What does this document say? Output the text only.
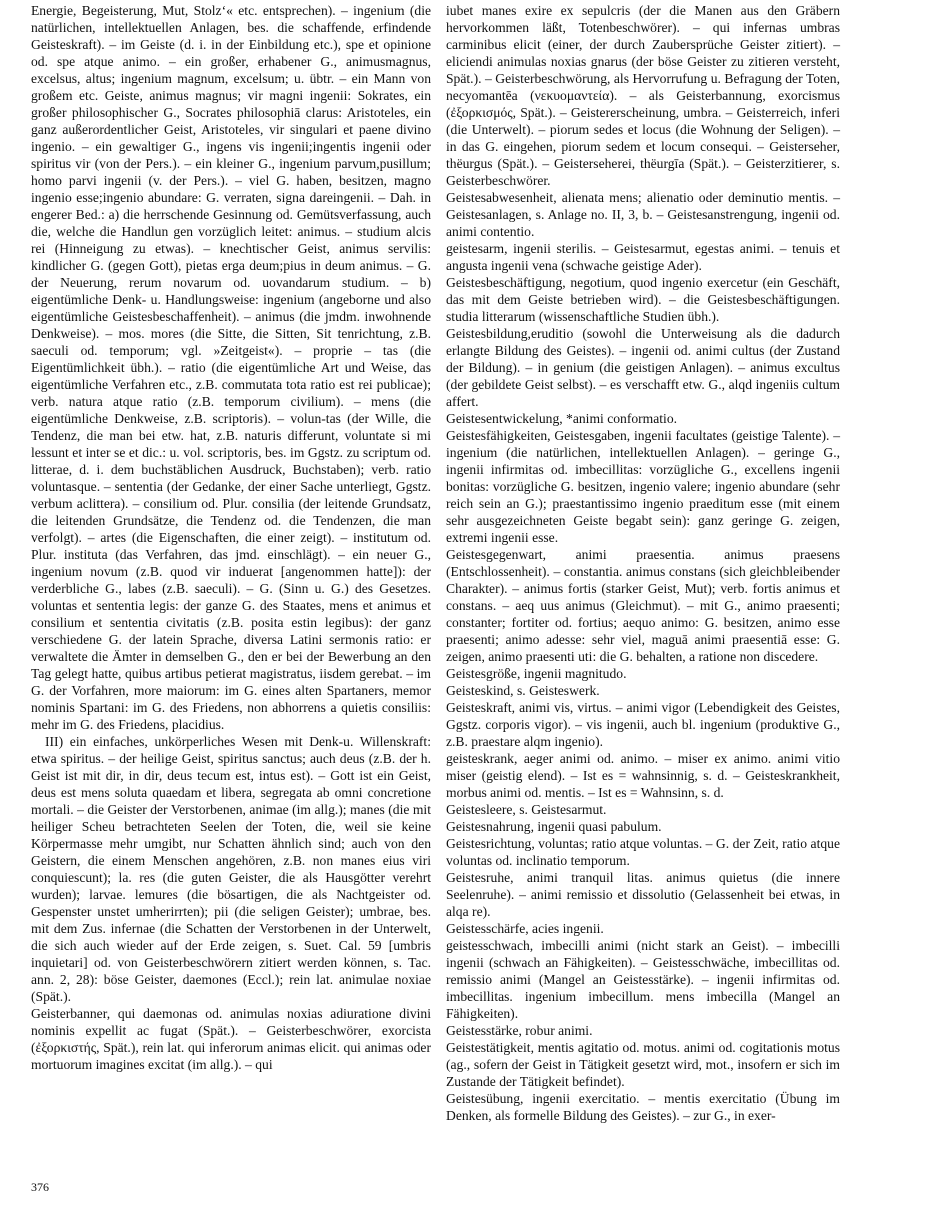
Energie, Begeisterung, Mut, Stolz‘« etc. entsprechen). – ingenium (die natürlichen, intellektuellen Anlagen, bes. die schaffende, erfindende Geisteskraft). – im Geiste (d. i. in der Einbildung etc.), spe et opinione od. spe atque animo. – ein großer, erhabener G., animusmagnus, excelsus, altus; ingenium magnum, excelsum; u. übtr. – ein Mann von großem etc. Geiste, animus magnus; vir magni ingenii: Sokrates, ein großer philosophischer G., Socrates philosophiā clarus: Aristoteles, ein ganz außerordentlicher Geist, Aristoteles, vir singulari et paene divino ingenio. – ein gewaltiger G., ingens vis ingenii;ingentis ingenii oder spiritus vir (von der Pers.). – ein kleiner G., ingenium parvum,pusillum; homo parvi ingenii (v. der Pers.). – viel G. haben, besitzen, magno ingenio esse;ingenio abundare: G. verraten, signa dareingenii. – Dah. in engerer Bed.: a) die herrschende Gesinnung od. Gemütsverfassung, auch die, welche die Handlun gen vorzüglich leitet: animus. – studium alcis rei (Hinneigung zu etwas). – knechtischer Geist, animus servilis: kindlicher G. (gegen Gott), pietas erga deum;pius in deum animus. – G. der Neuerung, rerum novarum od. uovandarum studium. – b) eigentümliche Denk- u. Handlungsweise: ingenium (angeborne und also eigentümliche Geistesbeschaffenheit). – animus (die jmdm. inwohnende Denkweise). – mos. mores (die Sitte, die Sitten, Sit tenrichtung, z.B. saeculi od. temporum; vgl. »Zeitgeist«). – proprie – tas (die Eigentümlichkeit übh.). – ratio (die eigentümliche Art und Weise, das eigentümliche Verfahren etc., z.B. commutata tota ratio est rei publicae); verb. natura atque ratio (z.B. temporum civilium). – mens (die eigentümliche Denkweise, z.B. scriptoris). – volun-tas (der Wille, die Tendenz, die man bei etw. hat, z.B. naturis differunt, voluntate si mi lessunt et inter se et dic.: u. vol. scriptoris, bes. im Ggstz. zu scriptum od. litterae, d. i. dem buchstäblichen Ausdruck, Buchstaben); verb. ratio voluntasque. – sententia (der Gedanke, der einer Sache unterliegt, Ggstz. verbum aclittera). – consilium od. Plur. consilia (der leitende Grundsatz, die leitenden Grundsätze, die Tendenz od. die Tendenzen, die man verfolgt). – artes (die Eigenschaften, die einer zeigt). – institutum od. Plur. instituta (das Verfahren, das jmd. einschlägt). – ein neuer G., ingenium novum (z.B. quod vir induerat [angenommen hatte]): der verderbliche G., labes (z.B. saeculi). – G. (Sinn u. G.) des Gesetzes. voluntas et sententia legis: der ganze G. des Staates, mens et animus et consilium et sententia civitatis (z.B. posita estin legibus): der ganz verschiedene G. der latein Sprache, diversa Latini sermonis ratio: er verwaltete die Ämter in demselben G., den er bei der Bewerbung an den Tag gelegt hatte, quibus artibus petierat magistratus, iisdem gerebat. – im G. der Vorfahren, more maiorum: im G. eines alten Spartaners, memor nominis Spartani: im G. des Friedens, non abhorrens a quietis consiliis: mehr im G. des Friedens, placidius.

III) ein einfaches, unkörperliches Wesen mit Denk-u. Willenskraft: etwa spiritus. – der heilige Geist, spiritus sanctus; auch deus (z.B. der h. Geist ist mit dir, in dir, deus tecum est, intus est). – Gott ist ein Geist, deus est mens soluta quaedam et libera, segregata ab omni concretione mortali. – die Geister der Verstorbenen, animae (im allg.); manes (die mit heiliger Scheu betrachteten Seelen der Toten, die, weil sie keine Körpermasse mehr umgibt, nur Schatten ähnlich sind; auch von den Geistern, die einem Menschen angehören, z.B. non manes eius viri conquiescunt); la. res (die guten Geister, die als Hausgötter verehrt wurden); larvae. lemures (die bösartigen, die als Nachtgeister od. Gespenster unstet umherirrten); pii (die seligen Geister); umbrae, bes. mit dem Zus. infernae (die Schatten der Verstorbenen in der Unterwelt, die sich auch wieder auf der Erde zeigen, s. Suet. Cal. 59 [umbris inquietari] od. von Geisterbeschwörern zitiert werden können, s. Tac. ann. 2, 28): böse Geister, daemones (Eccl.); rein lat. animulae noxiae (Spät.).

Geisterbanner, qui daemonas od. animulas noxias adiuratione divini nominis expellit ac fugat (Spät.). – Geisterbeschwörer, exorcista (ἐξορκιστής, Spät.), rein lat. qui inferorum animas elicit. qui animas oder mortuorum imagines excitat (im allg.). – qui

iubet manes exire ex sepulcris (der die Manen aus den Gräbern hervorkommen läßt, Totenbeschwörer). – qui infernas umbras carminibus elicit (einer, der durch Zaubersprüche Geister zitiert). – eliciendi animulas noxias gnarus (der böse Geister zu zitieren versteht, Spät.). – Geisterbeschwörung, als Hervorrufung u. Befragung der Toten, necyomantēa (νεκυομαντεία). – als Geisterbannung, exorcismus (ἐξορκισμός, Spät.). – Geistererscheinung, umbra. – Geisterreich, inferi (die Unterwelt). – piorum sedes et locus (die Wohnung der Seligen). – in das G. eingehen, piorum sedem et locum consequi. – Geisterseher, thëurgus (Spät.). – Geisterseherei, thëurgīa (Spät.). – Geisterzitierer, s. Geisterbeschwörer.

Geistesabwesenheit, alienata mens; alienatio oder deminutio mentis. – Geistesanlagen, s. Anlage no. II, 3, b. – Geistesanstrengung, ingenii od. animi contentio.

geistesarm, ingenii sterilis. – Geistesarmut, egestas animi. – tenuis et angusta ingenii vena (schwache geistige Ader).

Geistesbeschäftigung, negotium, quod ingenio exercetur (ein Geschäft, das mit dem Geiste betrieben wird). – die Geistesbeschäftigungen. studia litterarum (wissenschaftliche Studien übh.).

Geistesbildung,eruditio (sowohl die Unterweisung als die dadurch erlangte Bildung des Geistes). – ingenii od. animi cultus (der Zustand der Bildung). – in genium (die geistigen Anlagen). – animus excultus (der gebildete Geist selbst). – es verschafft etw. G., alqd ingeniis cultum affert.

Geistesentwickelung, *animi conformatio.

Geistesfähigkeiten, Geistesgaben, ingenii facultates (geistige Talente). – ingenium (die natürlichen, intellektuellen Anlagen). – geringe G., ingenii infirmitas od. imbecillitas: vorzügliche G., excellens ingenii bonitas: vorzügliche G. besitzen, ingenio valere; ingenio abundare (sehr reich sein an G.); praestantissimo ingenio praeditum esse (mit einem sehr ausgezeichneten Geiste begabt sein): ganz geringe G. zeigen, extremi ingenii esse.

Geistesgegenwart, animi praesentia. animus praesens (Entschlossenheit). – constantia. animus constans (sich gleichbleibender Charakter). – animus fortis (starker Geist, Mut); verb. fortis animus et constans. – aeq uus animus (Gleichmut). – mit G., animo praesenti; constanter; fortiter od. fortius; aequo animo: G. besitzen, animo esse praesenti; animo adesse: sehr viel, maguā animi praesentiā esse: G. zeigen, animo praesenti uti: die G. behalten, a ratione non discedere.

Geistesgröße, ingenii magnitudo.

Geisteskind, s. Geisteswerk.

Geisteskraft, animi vis, virtus. – animi vigor (Lebendigkeit des Geistes, Ggstz. corporis vigor). – vis ingenii, auch bl. ingenium (produktive G., z.B. praestare alqm ingenio).

geisteskrank, aeger animi od. animo. – miser ex animo. animi vitio miser (geistig elend). – Ist es = wahnsinnig, s. d. – Geisteskrankheit, morbus animi od. mentis. – Ist es = Wahnsinn, s. d.

Geistesleere, s. Geistesarmut.

Geistesnahrung, ingenii quasi pabulum.

Geistesrichtung, voluntas; ratio atque voluntas. – G. der Zeit, ratio atque voluntas od. inclinatio temporum.

Geistesruhe, animi tranquil litas. animus quietus (die innere Seelenruhe). – animi remissio et dissolutio (Gelassenheit bei etwas, in alqa re).

Geistesschärfe, acies ingenii.

geistesschwach, imbecilli animi (nicht stark an Geist). – imbecilli ingenii (schwach an Fähigkeiten). – Geistesschwäche, imbecillitas od. remissio animi (Mangel an Geistesstärke). – ingenii infirmitas od. imbecillitas. ingenium imbecillum. mens imbecilla (Mangel an Fähigkeiten).

Geistesstärke, robur animi.

Geistestätigkeit, mentis agitatio od. motus. animi od. cogitationis motus (ag., sofern der Geist in Tätigkeit gesetzt wird, mot., insofern er sich im Zustande der Tätigkeit befindet).

Geistesübung, ingenii exercitatio. – mentis exercitatio (Übung im Denken, als formelle Bildung des Geistes). – zur G., in exer-

376
